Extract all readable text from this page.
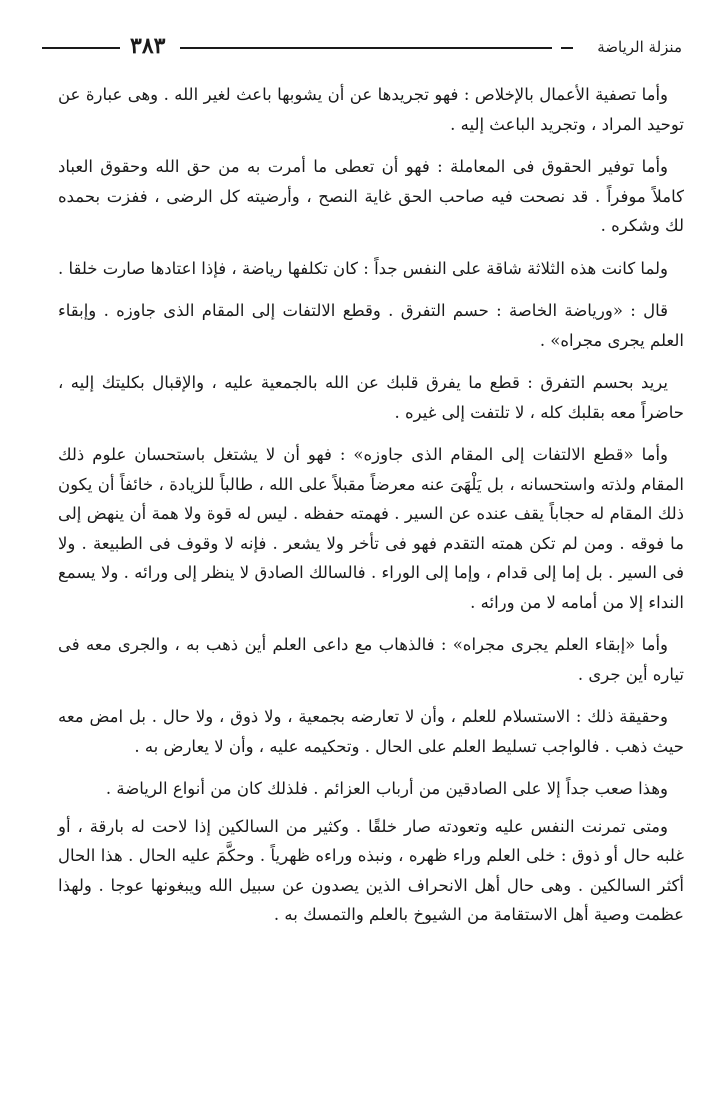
٣٨٣	منزلة الرياضة

وأما تصفية الأعمال بالإخلاص : فهو تجريدها عن أن يشوبها باعث لغير الله . وهى عبارة عن توحيد المراد ، وتجريد الباعث إليه .

وأما توفير الحقوق فى المعاملة : فهو أن تعطى ما أمرت به من حق الله وحقوق العباد كاملاً موفراً . قد نصحت فيه صاحب الحق غاية النصح ، وأرضيته كل الرضى ، ففزت بحمده لك وشكره .

ولما كانت هذه الثلاثة شاقة على النفس جداً : كان تكلفها رياضة ، فإذا اعتادها صارت خلقا .

قال : «ورياضة الخاصة : حسم التفرق . وقطع الالتفات إلى المقام الذى جاوزه . وإبقاء العلم يجرى مجراه» .

يريد بحسم التفرق : قطع ما يفرق قلبك عن الله بالجمعية عليه ، والإقبال بكليتك إليه ، حاضراً معه بقلبك كله ، لا تلتفت إلى غيره .

وأما «قطع الالتفات إلى المقام الذى جاوزه» : فهو أن لا يشتغل باستحسان علوم ذلك المقام ولذته واستحسانه ، بل يَلْهَىَ عنه معرضاً مقبلاً على الله ، طالباً للزيادة ، خائفاً أن يكون ذلك المقام له حجاباً يقف عنده عن السير . فهمته حفظه . ليس له قوة ولا همة أن ينهض إلى ما فوقه . ومن لم تكن همته التقدم فهو فى تأخر ولا يشعر . فإنه لا وقوف فى الطبيعة . ولا فى السير . بل إما إلى قدام ، وإما إلى الوراء . فالسالك الصادق لا ينظر إلى ورائه . ولا يسمع النداء إلا من أمامه لا من ورائه .

وأما «إبقاء العلم يجرى مجراه» : فالذهاب مع داعى العلم أين ذهب به ، والجرى معه فى تياره أين جرى .

وحقيقة ذلك : الاستسلام للعلم ، وأن لا تعارضه بجمعية ، ولا ذوق ، ولا حال . بل امض معه حيث ذهب . فالواجب تسليط العلم على الحال . وتحكيمه عليه ، وأن لا يعارض به .

وهذا صعب جداً إلا على الصادقين من أرباب العزائم . فلذلك كان من أنواع الرياضة .

ومتى تمرنت النفس عليه وتعودته صار خلقًا . وكثير من السالكين إذا لاحت له بارقة ، أو غلبه حال أو ذوق : خلى العلم وراء ظهره ، ونبذه وراءه ظهرياً . وحكَّمَ عليه الحال . هذا الحال أكثر السالكين . وهى حال أهل الانحراف الذين يصدون عن سبيل الله ويبغونها عوجا . ولهذا عظمت وصية أهل الاستقامة من الشيوخ بالعلم والتمسك به .
